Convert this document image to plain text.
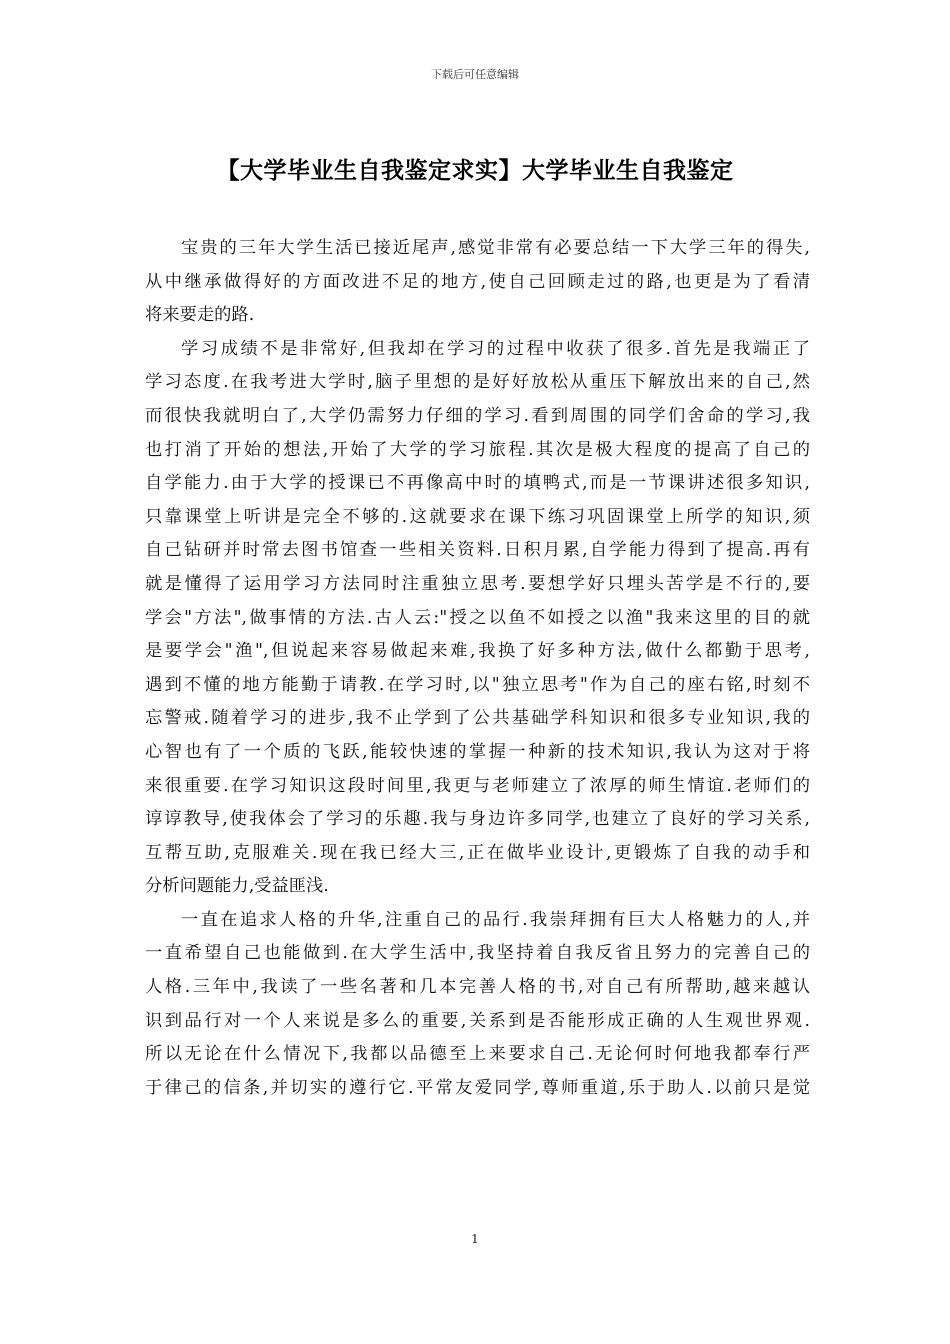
下载后可任意编辑
【大学毕业生自我鉴定求实】大学毕业生自我鉴定
宝贵的三年大学生活已接近尾声,感觉非常有必要总结一下大学三年的得失,
从中继承做得好的方面改进不足的地方,使自己回顾走过的路,也更是为了看清
将来要走的路.
学习成绩不是非常好,但我却在学习的过程中收获了很多.首先是我端正了
学习态度.在我考进大学时,脑子里想的是好好放松从重压下解放出来的自己,然
而很快我就明白了,大学仍需努力仔细的学习.看到周围的同学们舍命的学习,我
也打消了开始的想法,开始了大学的学习旅程.其次是极大程度的提高了自己的
自学能力.由于大学的授课已不再像高中时的填鸭式,而是一节课讲述很多知识,
只靠课堂上听讲是完全不够的.这就要求在课下练习巩固课堂上所学的知识,须
自己钻研并时常去图书馆查一些相关资料.日积月累,自学能力得到了提高.再有
就是懂得了运用学习方法同时注重独立思考.要想学好只埋头苦学是不行的,要
学会"方法",做事情的方法.古人云:"授之以鱼不如授之以渔"我来这里的目的就
是要学会"渔",但说起来容易做起来难,我换了好多种方法,做什么都勤于思考,
遇到不懂的地方能勤于请教.在学习时,以"独立思考"作为自己的座右铭,时刻不
忘警戒.随着学习的进步,我不止学到了公共基础学科知识和很多专业知识,我的
心智也有了一个质的飞跃,能较快速的掌握一种新的技术知识,我认为这对于将
来很重要.在学习知识这段时间里,我更与老师建立了浓厚的师生情谊.老师们的
谆谆教导,使我体会了学习的乐趣.我与身边许多同学,也建立了良好的学习关系,
互帮互助,克服难关.现在我已经大三,正在做毕业设计,更锻炼了自我的动手和
分析问题能力,受益匪浅.
一直在追求人格的升华,注重自己的品行.我崇拜拥有巨大人格魅力的人,并
一直希望自己也能做到.在大学生活中,我坚持着自我反省且努力的完善自己的
人格.三年中,我读了一些名著和几本完善人格的书,对自己有所帮助,越来越认
识到品行对一个人来说是多么的重要,关系到是否能形成正确的人生观世界观.
所以无论在什么情况下,我都以品德至上来要求自己.无论何时何地我都奉行严
于律己的信条,并切实的遵行它.平常友爱同学,尊师重道,乐于助人.以前只是觉
1
